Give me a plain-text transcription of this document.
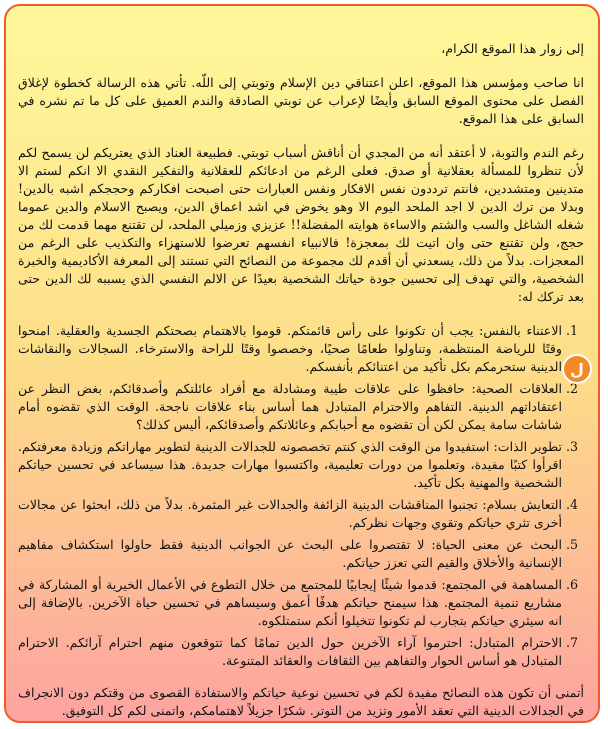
إلى زوار هذا الموقع الكرام،

انا صاحب ومؤسس هذا الموقع، اعلن اعتناقي دين الإسلام وتوبتي إلى اللّه. تأتي هذه الرسالة كخطوة لإغلاق الفصل على محتوى الموقع السابق وأيضًا لإعراب عن توبتي الصادقة والندم العميق على كل ما تم نشره في السابق على هذا الموقع.

رغم الندم والتوبة، لا أعتقد أنه من المجدي أن أناقش أسباب توبتي. فطبيعة العناد الذي يعتريكم لن يسمح لكم لأن تنظروا للمسألة بعقلانية أو صدق. فعلى الرغم من ادعائكم للعقلانية والتفكير النقدي الا انكم لستم الا متدينين ومتشددين، فانتم ترددون نفس الافكار ونفس العبارات حتى اصبحت افكاركم وحججكم اشبه بالدين! وبدلا من ترك الدين لا اجد الملحد اليوم الا وهو يخوض في اشد اعماق الدين، ويصبح الاسلام والدين عموما شغله الشاغل والسب والشتم والاساءة هوايته المفضلة!! عزيزي وزميلي الملحد، لن تقتنع مهما قدمت لك من حجج، ولن تقتنع حتى وان اتيت لك بمعجزة! فالانبياء انفسهم تعرضوا للاستهزاء والتكذيب على الرغم من المعجزات. بدلاً من ذلك، يسعدني أن أقدم لك مجموعة من النصائح التي تستند إلى المعرفة الأكاديمية والخبرة الشخصية، والتي تهدف إلى تحسين جودة حياتك الشخصية بعيدًا عن الالم النفسي الذي يسببه لك الدين حتى بعد تركك له:

1. الاعتناء بالنفس: يجب أن تكونوا على رأس قائمتكم. قوموا بالاهتمام بصحتكم الجسدية والعقلية. امنحوا وقتًا للرياضة المنتظمة، وتناولوا طعامًا صحيًا، وخصصوا وقتًا للراحة والاسترخاء. السجالات والنقاشات الدينية ستحرمكم بكل تأكيد من اعتنائكم بأنفسكم.
2. العلاقات الصحية: حافظوا على علاقات طيبة ومشادلة مع أفراد عائلتكم وأصدقائكم، بغض النظر عن اعتقاداتهم الدينية. التفاهم والاحترام المتبادل هما أساس بناء علاقات ناجحة. الوقت الذي تقضوه أمام شاشات سامة يمكن لكن أن تقضوه مع أحبابكم وعائلاتكم وأصدقائكم، أليس كذلك؟
3. تطوير الذات: استفيدوا من الوقت الذي كنتم تخصصونه للجدالات الدينية لتطوير مهاراتكم وزيادة معرفتكم. اقرأوا كتبًا مفيدة، وتعلموا من دورات تعليمية، واكتسبوا مهارات جديدة. هذا سيساعد في تحسين حياتكم الشخصية والمهنية بكل تأكيد.
4. التعايش بسلام: تجنبوا المناقشات الدينية الزائفة والجدالات غير المثمرة. بدلاً من ذلك، ابحثوا عن مجالات أخرى تثري حياتكم وتقوي وجهات نظركم.
5. البحث عن معنى الحياة: لا تقتصروا على البحث عن الجوانب الدينية فقط حاولوا استكشاف مفاهيم الإنسانية والأخلاق والقيم التي تعزز حياتكم.
6. المساهمة في المجتمع: قدموا شيئًا إيجابيًا للمجتمع من خلال التطوع في الأعمال الخيرية أو المشاركة في مشاريع تنمية المجتمع. هذا سيمنح حياتكم هدفًا أعمق وسيساهم في تحسين حياة الآخرين. بالإضافة إلى انه سيثري حياتكم بتجارب لم تكونوا تتخيلوا أنكم ستمتلكوه.
7. الاحترام المتبادل: احترموا آراء الآخرين حول الدين تمامًا كما تتوقعون منهم احترام آرائكم. الاحترام المتبادل هو أساس الحوار والتفاهم بين الثقافات والعقائد المتنوعة.

أتمنى أن تكون هذه النصائح مفيدة لكم في تحسين نوعية حياتكم والاستفادة القصوى من وقتكم دون الانجراف في الجدالات الدينية التي تعقد الأمور وتزيد من التوتر. شكرًا جزيلاً لاهتمامكم، واتمنى لكم كل التوفيق.

ل
